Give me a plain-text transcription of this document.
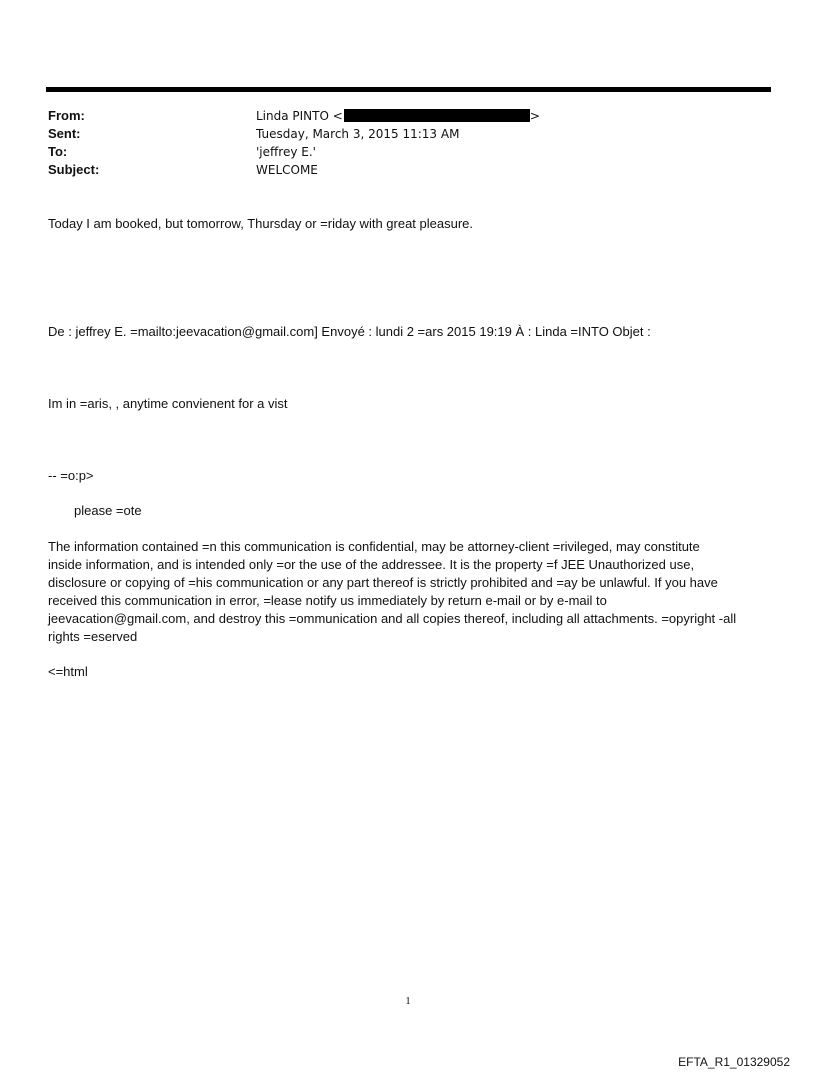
From:	Linda PINTO <	>
Sent:	Tuesday, March 3, 2015 11:13 AM
To:	'jeffrey E.'
Subject:	WELCOME
Today I am booked, but tomorrow, Thursday or =riday with great pleasure.
De : jeffrey E. =mailto:jeevacation@gmail.com] Envoyé : lundi 2 =ars 2015 19:19 À : Linda =INTO Objet :
Im in =aris, , anytime convienent for a vist
-- =o:p>
please =ote
The information contained =n this communication is confidential, may be attorney-client =rivileged, may constitute
inside information, and is intended only =or the use of the addressee. It is the property =f JEE Unauthorized use,
disclosure or copying of =his communication or any part thereof is strictly prohibited and =ay be unlawful. If you have
received this communication in error, =lease notify us immediately by return e-mail or by e-mail to
jeevacation@gmail.com, and destroy this =ommunication and all copies thereof, including all attachments. =opyright -all
rights =eserved
<=html
1
EFTA_R1_01329052
